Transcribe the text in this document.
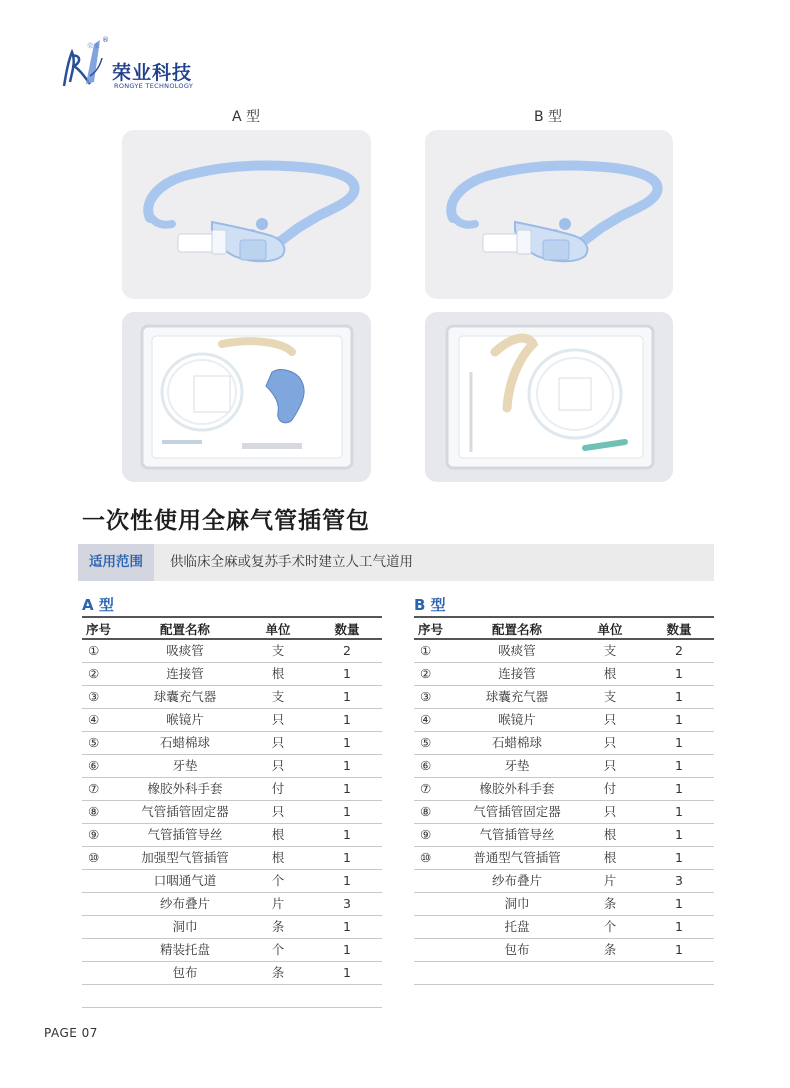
荣业
®
荣业科技
RONGYE TECHNOLOGY
A 型	B 型
一次性使用全麻气管插管包
适用范围	供临床全麻或复苏手术时建立人工气道用
A 型
序号	配置名称	单位	数量
①	吸痰管	支	2
②	连接管	根	1
③	球囊充气器	支	1
④	喉镜片	只	1
⑤	石蜡棉球	只	1
⑥	牙垫	只	1
⑦	橡胶外科手套	付	1
⑧	气管插管固定器	只	1
⑨	气管插管导丝	根	1
⑩	加强型气管插管	根	1
口咽通气道	个	1
纱布叠片	片	3
洞巾	条	1
精装托盘	个	1
包布	条	1
B 型
序号	配置名称	单位	数量
①	吸痰管	支	2
②	连接管	根	1
③	球囊充气器	支	1
④	喉镜片	只	1
⑤	石蜡棉球	只	1
⑥	牙垫	只	1
⑦	橡胶外科手套	付	1
⑧	气管插管固定器	只	1
⑨	气管插管导丝	根	1
⑩	普通型气管插管	根	1
纱布叠片	片	3
洞巾	条	1
托盘	个	1
包布	条	1
PAGE 07
